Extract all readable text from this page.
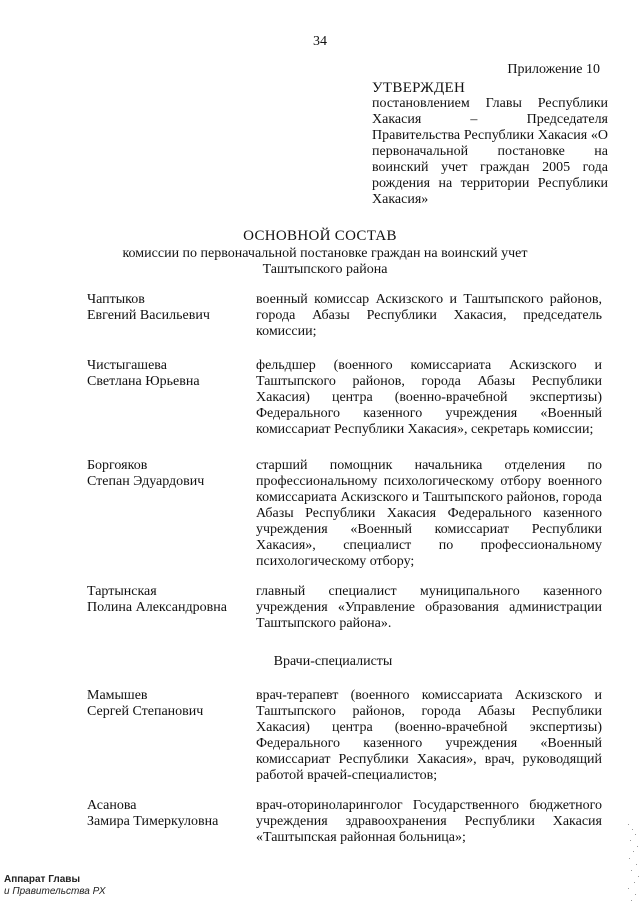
34
Приложение 10
УТВЕРЖДЕН
постановлением Главы Республики Хакасия – Председателя Правительства Республики Хакасия «О первоначальной постановке на воинский учет граждан 2005 года рождения на территории Республики Хакасия»
ОСНОВНОЙ СОСТАВ
комиссии по первоначальной постановке граждан на воинский учет
Таштыпского района
Чаптыков
Евгений Васильевич
военный комиссар Аскизского и Таштыпского районов, города Абазы Республики Хакасия, председатель комиссии;
Чистыгашева
Светлана Юрьевна
фельдшер (военного комиссариата Аскизского и Таштыпского районов, города Абазы Республики Хакасия) центра (военно-врачебной экспертизы) Федерального казенного учреждения «Военный комиссариат Республики Хакасия», секретарь комиссии;
Боргояков
Степан Эдуардович
старший помощник начальника отделения по профессиональному психологическому отбору военного комиссариата Аскизского и Таштыпского районов, города Абазы Республики Хакасия Федерального казенного учреждения «Военный комиссариат Республики Хакасия», специалист по профессиональному психологическому отбору;
Тартынская
Полина Александровна
главный специалист муниципального казенного учреждения «Управление образования администрации Таштыпского района».
Врачи-специалисты
Мамышев
Сергей Степанович
врач-терапевт (военного комиссариата Аскизского и Таштыпского районов, города Абазы Республики Хакасия) центра (военно-врачебной экспертизы) Федерального казенного учреждения «Военный комиссариат Республики Хакасия», врач, руководящий работой врачей-специалистов;
Асанова
Замира Тимеркуловна
врач-оториноларинголог Государственного бюджетного учреждения здравоохранения Республики Хакасия «Таштыпская районная больница»;
Аппарат Главы
и Правительства РХ
